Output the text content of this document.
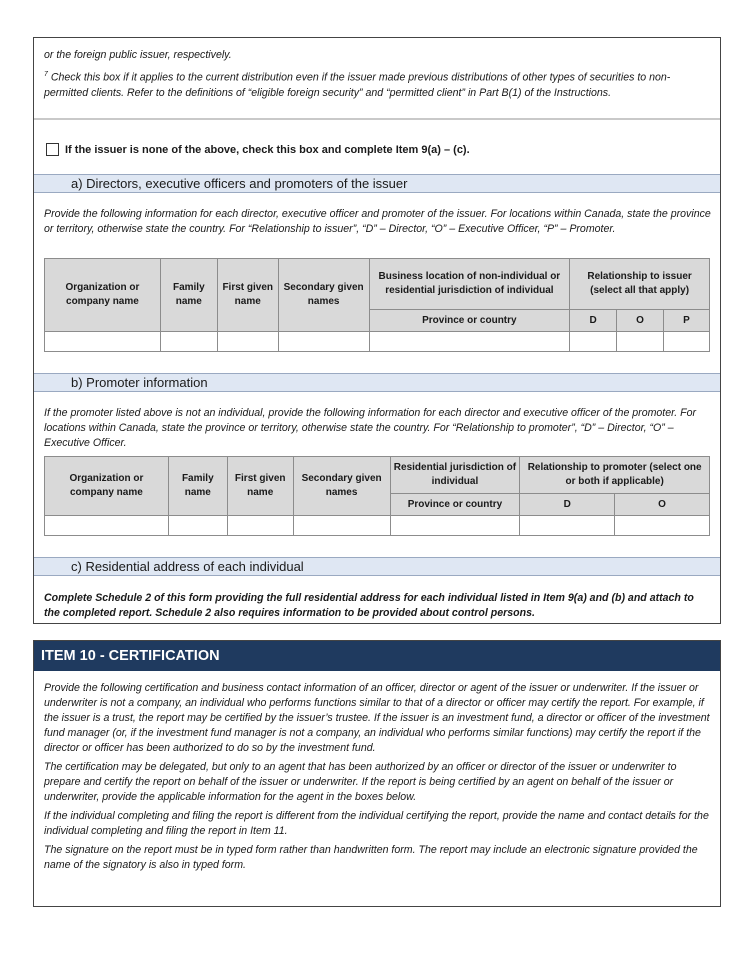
or the foreign public issuer, respectively.

$^7$ Check this box if it applies to the current distribution even if the issuer made previous distributions of other types of securities to non-permitted clients. Refer to the definitions of “eligible foreign security” and “permitted client” in Part B(1) of the Instructions.

If the issuer is none of the above, check this box and complete Item 9(a) – (c).
a) Directors, executive officers and promoters of the issuer

Provide the following information for each director, executive officer and promoter of the issuer. For locations within Canada, state the province or territory, otherwise state the country. For “Relationship to issuer”, “D” – Director, “O” – Executive Officer, “P” – Promoter.

Organization or company name	Family name	First given name	Secondary given names	Business location of non-individual or residential jurisdiction of individual	Relationship to issuer (select all that apply)		
				Province or country	D	O	P

b) Promoter information

If the promoter listed above is not an individual, provide the following information for each director and executive officer of the promoter. For locations within Canada, state the province or territory, otherwise state the country. For “Relationship to promoter”, “D” – Director, “O” – Executive Officer.

Organization or company name	Family name	First given name	Secondary given names	Residential jurisdiction of individual	Relationship to promoter (select one or both if applicable)	
				Province or country	D	O

c) Residential address of each individual

Complete Schedule 2 of this form providing the full residential address for each individual listed in Item 9(a) and (b) and attach to the completed report. Schedule 2 also requires information to be provided about control persons.

ITEM 10 - CERTIFICATION

Provide the following certification and business contact information of an officer, director or agent of the issuer or underwriter. If the issuer or underwriter is not a company, an individual who performs functions similar to that of a director or officer may certify the report. For example, if the issuer is a trust, the report may be certified by the issuer’s trustee. If the issuer is an investment fund, a director or officer of the investment fund manager (or, if the investment fund manager is not a company, an individual who performs similar functions) may certify the report if the director or officer has been authorized to do so by the investment fund.

The certification may be delegated, but only to an agent that has been authorized by an officer or director of the issuer or underwriter to prepare and certify the report on behalf of the issuer or underwriter. If the report is being certified by an agent on behalf of the issuer or underwriter, provide the applicable information for the agent in the boxes below.

If the individual completing and filing the report is different from the individual certifying the report, provide the name and contact details for the individual completing and filing the report in Item 11.

The signature on the report must be in typed form rather than handwritten form. The report may include an electronic signature provided the name of the signatory is also in typed form.
